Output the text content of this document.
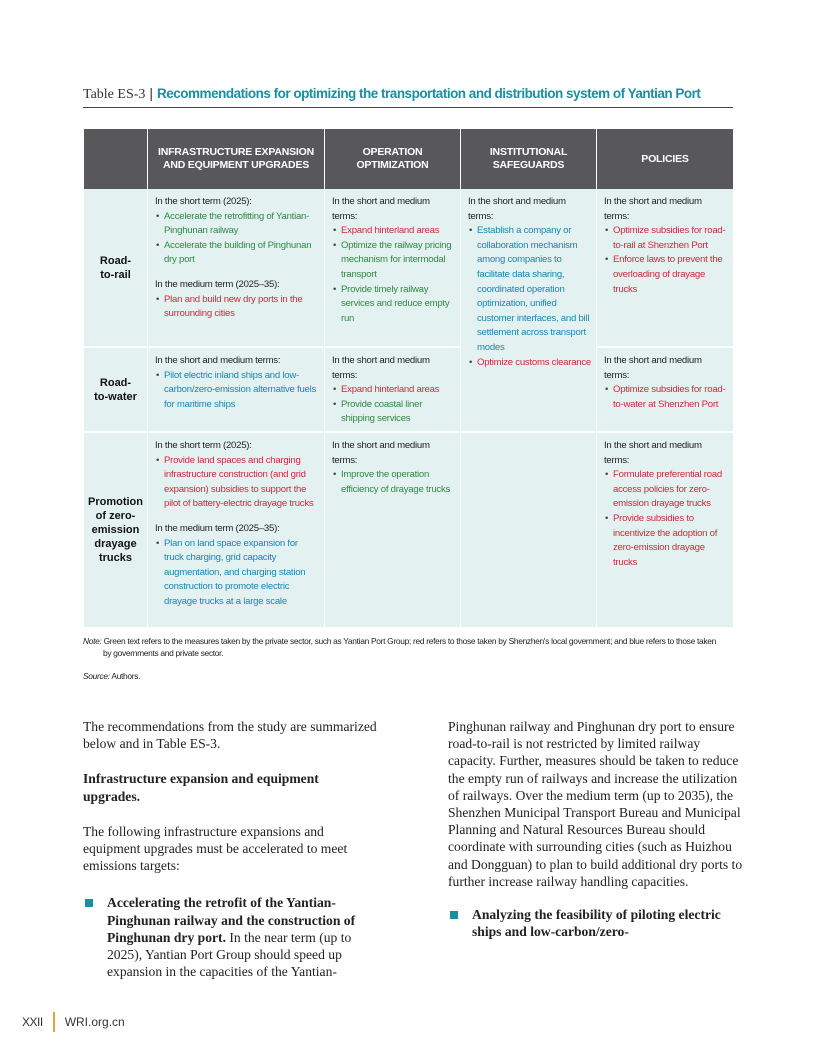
Table ES-3 | Recommendations for optimizing the transportation and distribution system of Yantian Port
INFRASTRUCTURE EXPANSION AND EQUIPMENT UPGRADES
OPERATION OPTIMIZATION
INSTITUTIONAL SAFEGUARDS
POLICIES
Road-to-rail
In the short term (2025):
• Accelerate the retrofitting of Yantian-Pinghunan railway
• Accelerate the building of Pinghunan dry port
In the medium term (2025–35):
• Plan and build new dry ports in the surrounding cities
In the short and medium terms:
• Expand hinterland areas
• Optimize the railway pricing mechanism for intermodal transport
• Provide timely railway services and reduce empty run
In the short and medium terms:
• Establish a company or collaboration mechanism among companies to facilitate data sharing, coordinated operation optimization, unified customer interfaces, and bill settlement across transport modes
• Optimize customs clearance
In the short and medium terms:
• Optimize subsidies for road-to-rail at Shenzhen Port
• Enforce laws to prevent the overloading of drayage trucks
Road-to-water
In the short and medium terms:
• Pilot electric inland ships and low-carbon/zero-emission alternative fuels for maritime ships
In the short and medium terms:
• Expand hinterland areas
• Provide coastal liner shipping services
In the short and medium terms:
• Optimize subsidies for road-to-water at Shenzhen Port
Promotion of zero-emission drayage trucks
In the short term (2025):
• Provide land spaces and charging infrastructure construction (and grid expansion) subsidies to support the pilot of battery-electric drayage trucks
In the medium term (2025–35):
• Plan on land space expansion for truck charging, grid capacity augmentation, and charging station construction to promote electric drayage trucks at a large scale
In the short and medium terms:
• Improve the operation efficiency of drayage trucks
In the short and medium terms:
• Formulate preferential road access policies for zero-emission drayage trucks
• Provide subsidies to incentivize the adoption of zero-emission drayage trucks
Note: Green text refers to the measures taken by the private sector, such as Yantian Port Group; red refers to those taken by Shenzhen's local government; and blue refers to those taken
by governments and private sector.
Source: Authors.

The recommendations from the study are summarized below and in Table ES-3.

Infrastructure expansion and equipment upgrades.

The following infrastructure expansions and equipment upgrades must be accelerated to meet emissions targets:

Accelerating the retrofit of the Yantian-Pinghunan railway and the construction of Pinghunan dry port. In the near term (up to 2025), Yantian Port Group should speed up expansion in the capacities of the Yantian-

Pinghunan railway and Pinghunan dry port to ensure road-to-rail is not restricted by limited railway capacity. Further, measures should be taken to reduce the empty run of railways and increase the utilization of railways. Over the medium term (up to 2035), the Shenzhen Municipal Transport Bureau and Municipal Planning and Natural Resources Bureau should coordinate with surrounding cities (such as Huizhou and Dongguan) to plan to build additional dry ports to further increase railway handling capacities.

Analyzing the feasibility of piloting electric ships and low-carbon/zero-
XXII WRI.org.cn
